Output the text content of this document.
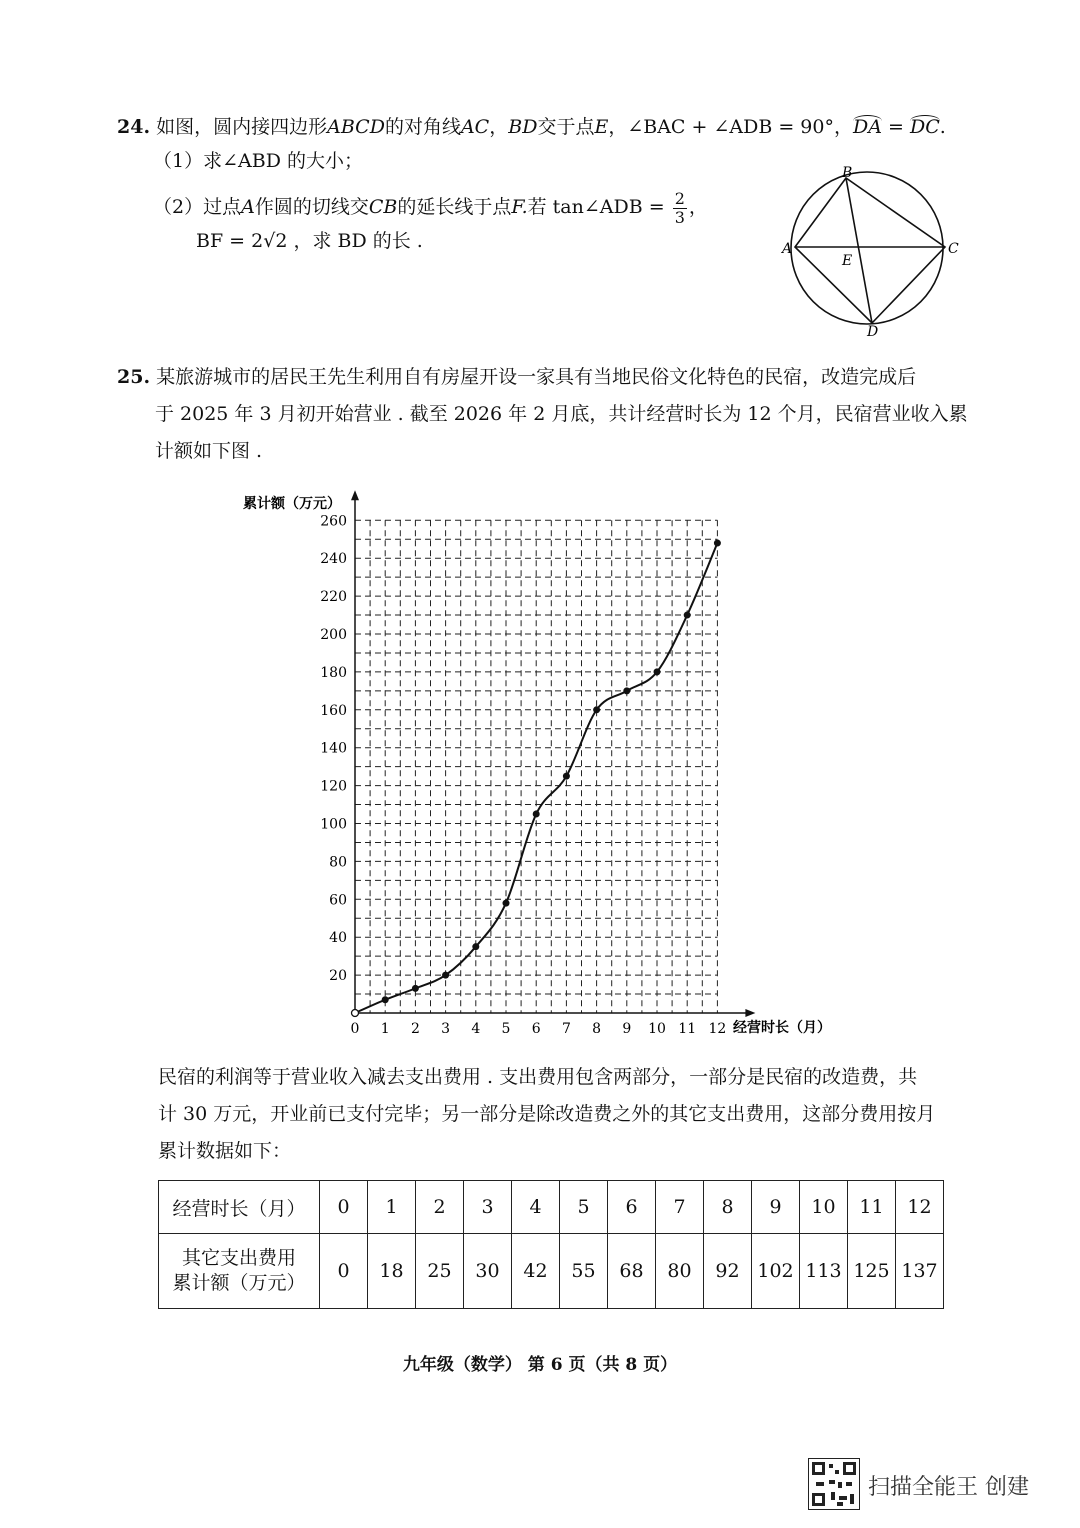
24. 如图，圆内接四边形ABCD的对角线AC，BD交于点E，∠BAC + ∠ADB = 90°，DA = DC.
（1）求∠ABD 的大小；
（2）过点A作圆的切线交CB的延长线于点F.若 tan∠ADB = $\frac{2}{3}$ ，
BF = 2√2 ，求 BD 的长 .	A
B
C
D
E
25. 某旅游城市的居民王先生利用自有房屋开设一家具有当地民俗文化特色的民宿，改造完成后
于 2025 年 3 月初开始营业 . 截至 2026 年 2 月底，共计经营时长为 12 个月，民宿营业收入累
计额如下图 .
0 1 2 3 4 5 6 7 8 9 10 11 12
20
40
60
80
100
120
140
160
180
200
220
240
260
累计额（万元）
经营时长（月）
民宿的利润等于营业收入减去支出费用 . 支出费用包含两部分，一部分是民宿的改造费，共
计 30 万元，开业前已支付完毕；另一部分是除改造费之外的其它支出费用，这部分费用按月
累计数据如下：
经营时长（月）	0	1	2	3	4	5	6	7	8	9	10	11	12

其它支出费用
累计额（万元）	0	18	25	30	42	55	68	80	92	102	113	125	137
九年级（数学） 第 6 页（共 8 页）
扫描全能王 创建
